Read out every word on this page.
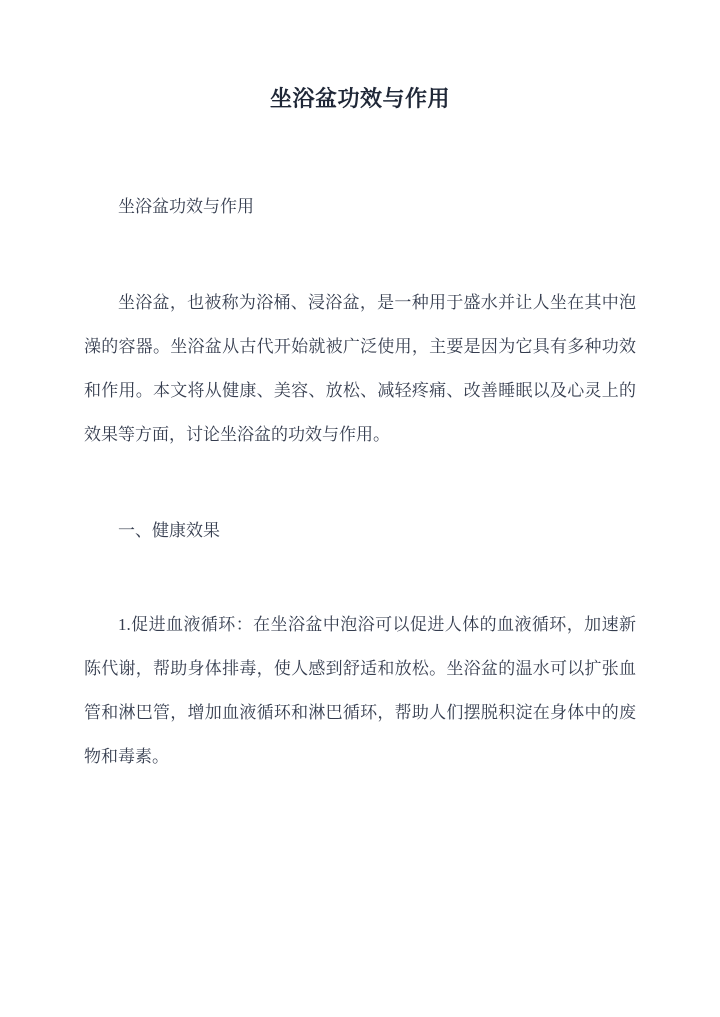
坐浴盆功效与作用

坐浴盆功效与作用

坐浴盆，也被称为浴桶、浸浴盆，是一种用于盛水并让人坐在其中泡澡的容器。坐浴盆从古代开始就被广泛使用，主要是因为它具有多种功效和作用。本文将从健康、美容、放松、减轻疼痛、改善睡眠以及心灵上的效果等方面，讨论坐浴盆的功效与作用。

一、健康效果

1.促进血液循环：在坐浴盆中泡浴可以促进人体的血液循环，加速新陈代谢，帮助身体排毒，使人感到舒适和放松。坐浴盆的温水可以扩张血管和淋巴管，增加血液循环和淋巴循环，帮助人们摆脱积淀在身体中的废物和毒素。
